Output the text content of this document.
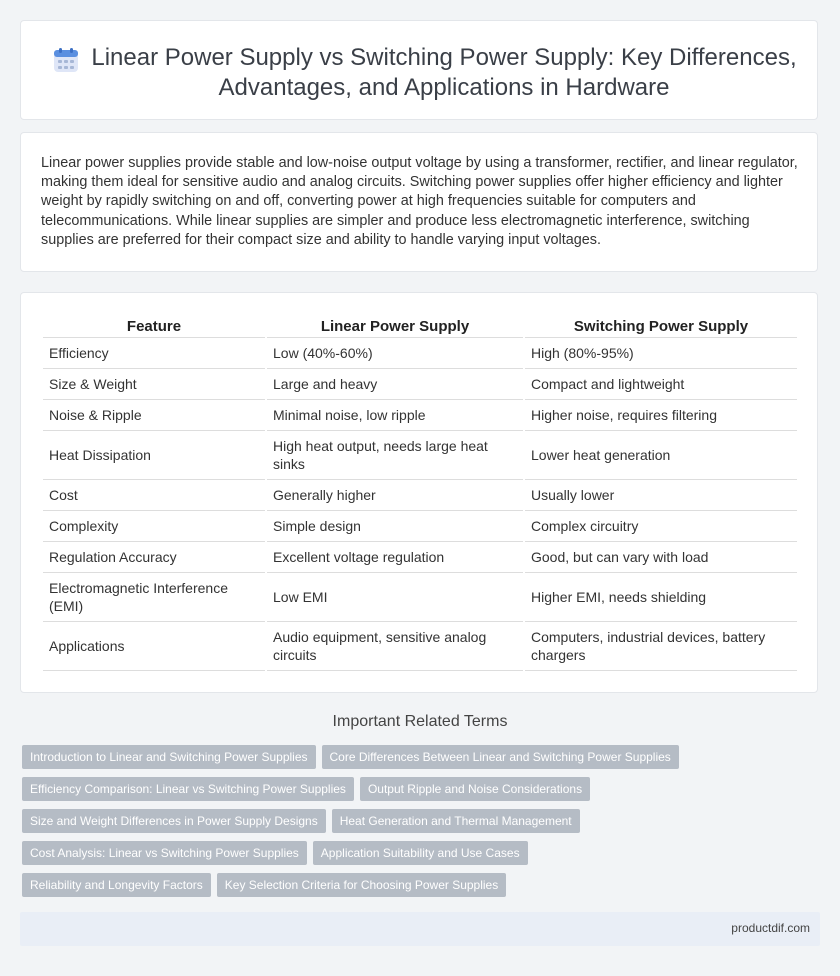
Linear Power Supply vs Switching Power Supply: Key Differences, Advantages, and Applications in Hardware
Linear power supplies provide stable and low-noise output voltage by using a transformer, rectifier, and linear regulator, making them ideal for sensitive audio and analog circuits. Switching power supplies offer higher efficiency and lighter weight by rapidly switching on and off, converting power at high frequencies suitable for computers and telecommunications. While linear supplies are simpler and produce less electromagnetic interference, switching supplies are preferred for their compact size and ability to handle varying input voltages.
Feature	Linear Power Supply	Switching Power Supply
Efficiency	Low (40%-60%)	High (80%-95%)
Size & Weight	Large and heavy	Compact and lightweight
Noise & Ripple	Minimal noise, low ripple	Higher noise, requires filtering
Heat Dissipation	High heat output, needs large heat sinks	Lower heat generation
Cost	Generally higher	Usually lower
Complexity	Simple design	Complex circuitry
Regulation Accuracy	Excellent voltage regulation	Good, but can vary with load
Electromagnetic Interference (EMI)	Low EMI	Higher EMI, needs shielding
Applications	Audio equipment, sensitive analog circuits	Computers, industrial devices, battery chargers
Important Related Terms
Introduction to Linear and Switching Power Supplies	Core Differences Between Linear and Switching Power Supplies
Efficiency Comparison: Linear vs Switching Power Supplies	Output Ripple and Noise Considerations
Size and Weight Differences in Power Supply Designs	Heat Generation and Thermal Management
Cost Analysis: Linear vs Switching Power Supplies	Application Suitability and Use Cases
Reliability and Longevity Factors	Key Selection Criteria for Choosing Power Supplies
productdif.com
